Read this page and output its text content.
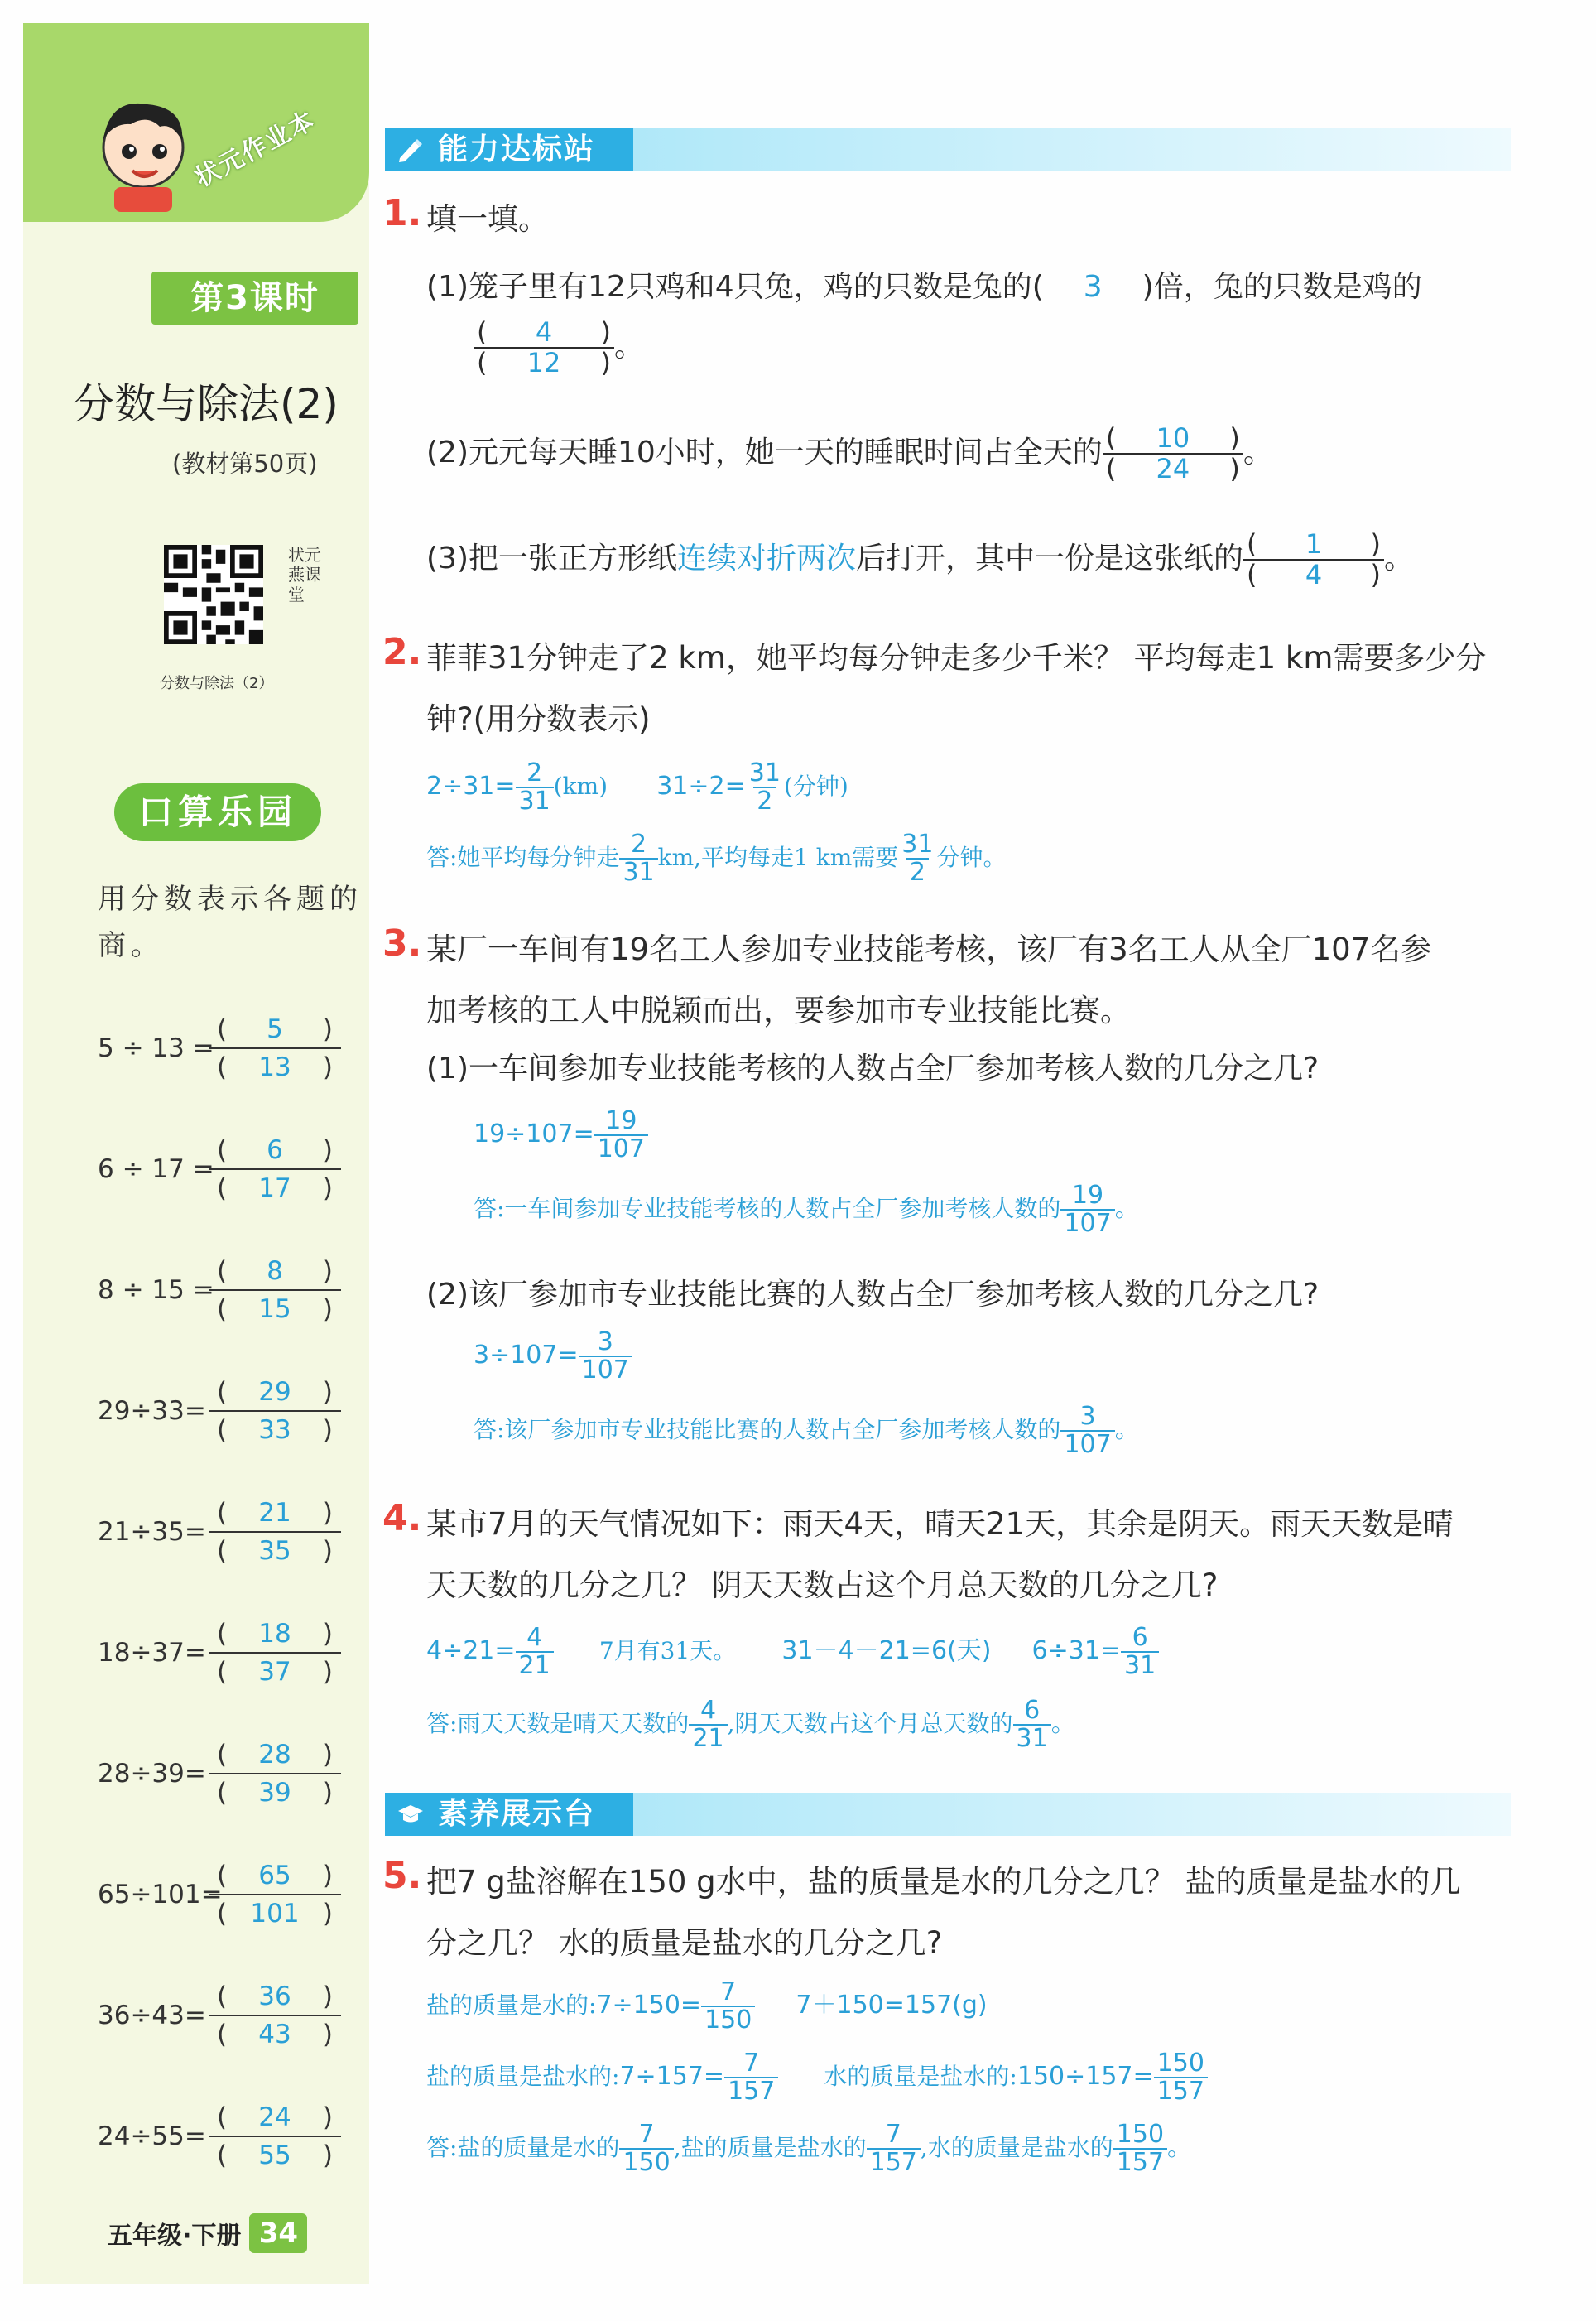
状元作业本
第3课时
分数与除法(2)
(教材第50页)
状元燕课堂
分数与除法（2）
口算乐园
用分数表示各题的商。
5 ÷ 13 =
$\frac{( 5 )}{( 13 )}$
6 ÷ 17 =
$\frac{( 6 )}{( 17 )}$
8 ÷ 15 =
$\frac{( 8 )}{( 15 )}$
$29\div 33= \frac{( 29 )}{( 33 )}$
$21\div 35= \frac{( 21 )}{( 35 )}$
$18\div 37= \frac{( 18 )}{( 37 )}$
$28\div 39= \frac{( 28 )}{( 39 )}$
65÷101=
$\frac{( 65 )}{( 101 )}$
$36\div 43= \frac{( 36 )}{( 43 )}$
$24\div 55= \frac{( 24 )}{( 55 )}$
五年级·下册 34
能力达标站
1. 填一填。
(1)笼子里有12只鸡和4只兔，鸡的只数是兔的( 3 )倍，兔的只数是鸡的
$\frac{( 4 )}{( 12 )}$ 。
(2)元元每天睡10小时，她一天的睡眠时间占全天的 $\frac{( 10 )}{( 24 )}$ 。
(3)把一张正方形纸连续对折两次后打开，其中一份是这张纸的 $\frac{( 1 )}{( 4 )}$ 。
2. 菲菲31分钟走了2 km，她平均每分钟走多少千米？ 平均每走1 km需要多少分
钟?(用分数表示)
$2\div 31= \frac{2}{31} (km)$ $31\div 2= \frac{31}{2}$ (分钟)
答:她平均每分钟走 $\frac{2}{31}$ km,平均每走1 km需要 $\frac{31}{2}$ 分钟。
3. 某厂一车间有19名工人参加专业技能考核，该厂有3名工人从全厂107名参
加考核的工人中脱颖而出，要参加市专业技能比赛。
(1)一车间参加专业技能考核的人数占全厂参加考核人数的几分之几?
$19\div 107= \frac{19}{107}$
答:一车间参加专业技能考核的人数占全厂参加考核人数的 $\frac{19}{107}$ 。
(2)该厂参加市专业技能比赛的人数占全厂参加考核人数的几分之几?
$3\div 107= \frac{3}{107}$
答:该厂参加市专业技能比赛的人数占全厂参加考核人数的 $\frac{3}{107}$ 。
4. 某市7月的天气情况如下：雨天4天，晴天21天，其余是阴天。雨天天数是晴
天天数的几分之几？ 阴天天数占这个月总天数的几分之几?
$4\div 21= \frac{4}{21} 7$月有31天。 31－4－21=6(天) $6\div 31= \frac{6}{31}$
答:雨天天数是晴天天数的 $\frac{4}{21}$ ,阴天天数占这个月总天数的 $\frac{6}{31}$ 。
素养展示台
5. 把7 g盐溶解在150 g水中，盐的质量是水的几分之几？ 盐的质量是盐水的几
分之几？ 水的质量是盐水的几分之几?
盐的质量是水的:7÷150= $\frac{7}{150} 7+150=157(g)$
盐的质量是盐水的:7÷157= $\frac{7}{157}$ 水的质量是盐水的:150÷157= $\frac{150}{157}$
答:盐的质量是水的 $\frac{7}{150}$ ,盐的质量是盐水的 $\frac{7}{157}$ ,水的质量是盐水的 $\frac{150}{157}$ 。
